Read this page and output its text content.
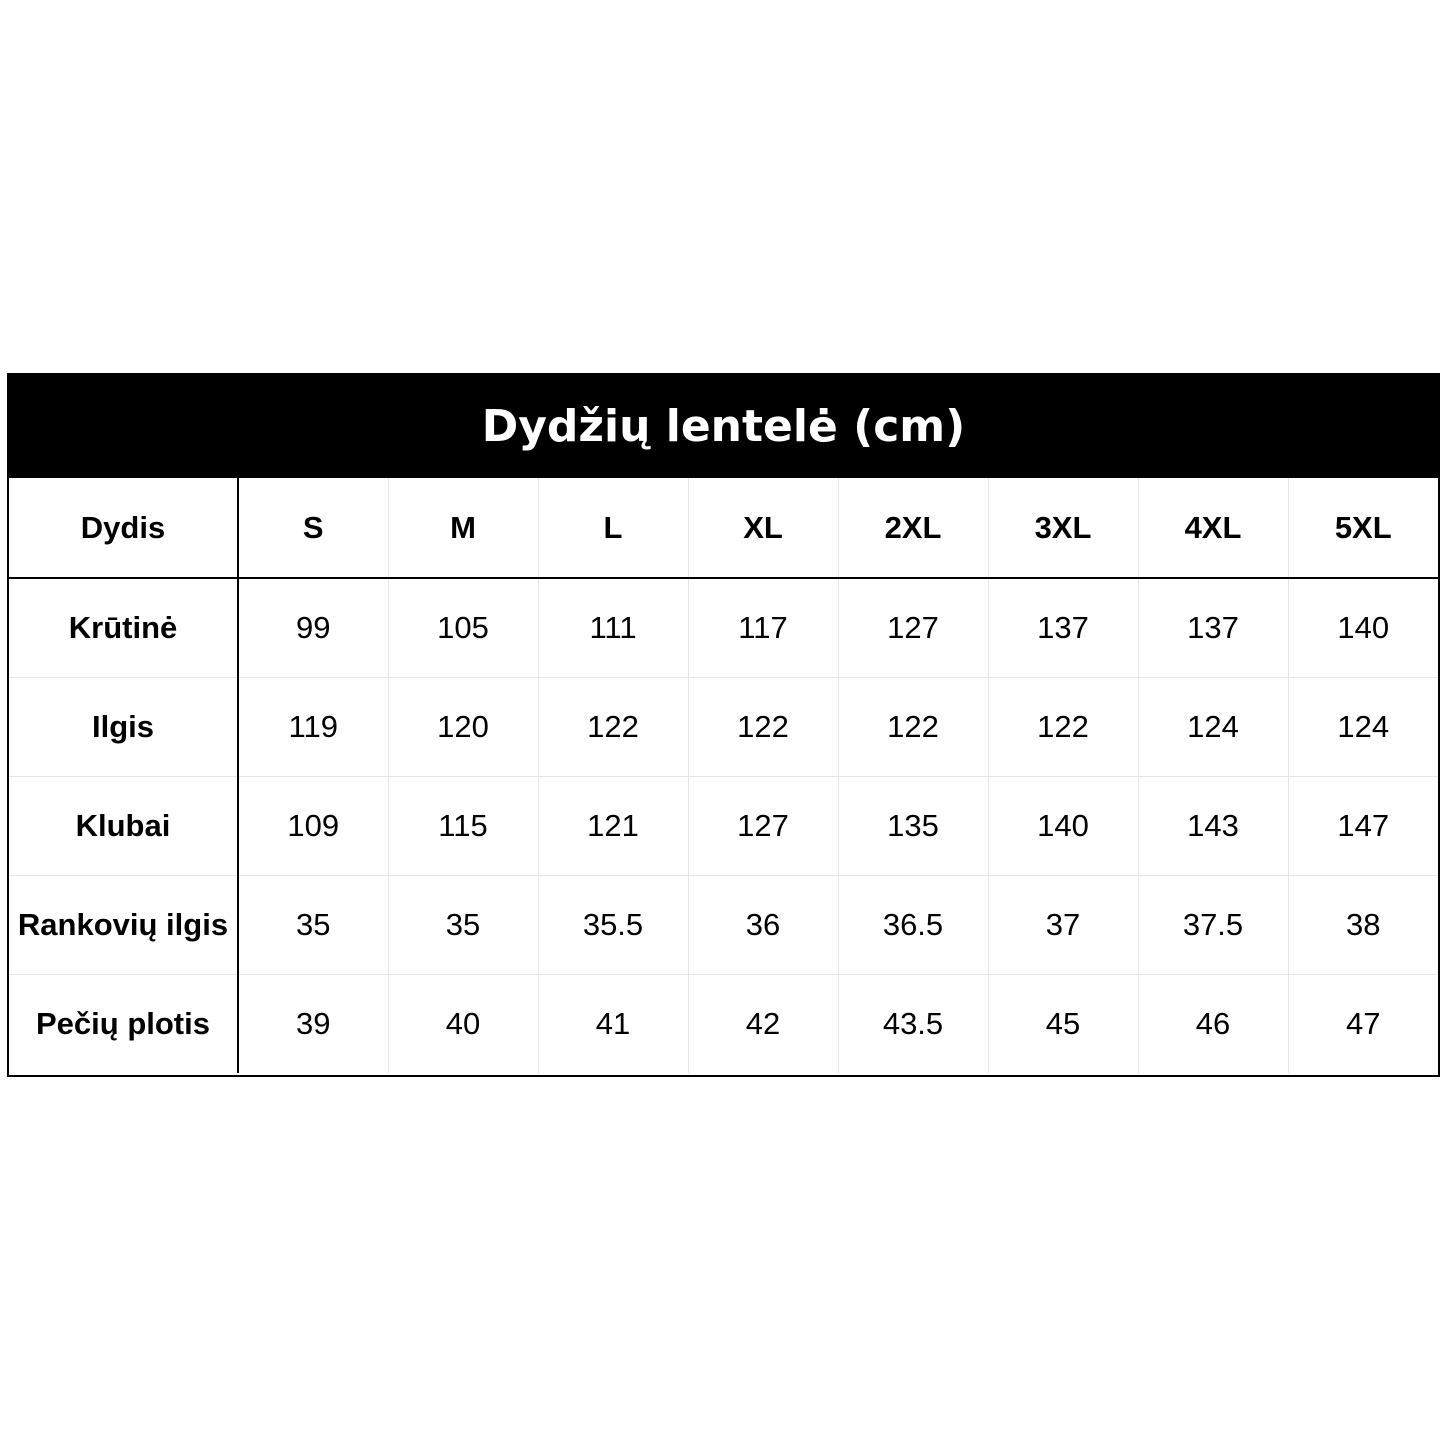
Dydžių lentelė (cm)
Dydis	S	M	L	XL	2XL	3XL	4XL	5XL
Krūtinė	99	105	111	117	127	137	137	140
Ilgis	119	120	122	122	122	122	124	124
Klubai	109	115	121	127	135	140	143	147
Rankovių ilgis	35	35	35.5	36	36.5	37	37.5	38
Pečių plotis	39	40	41	42	43.5	45	46	47
